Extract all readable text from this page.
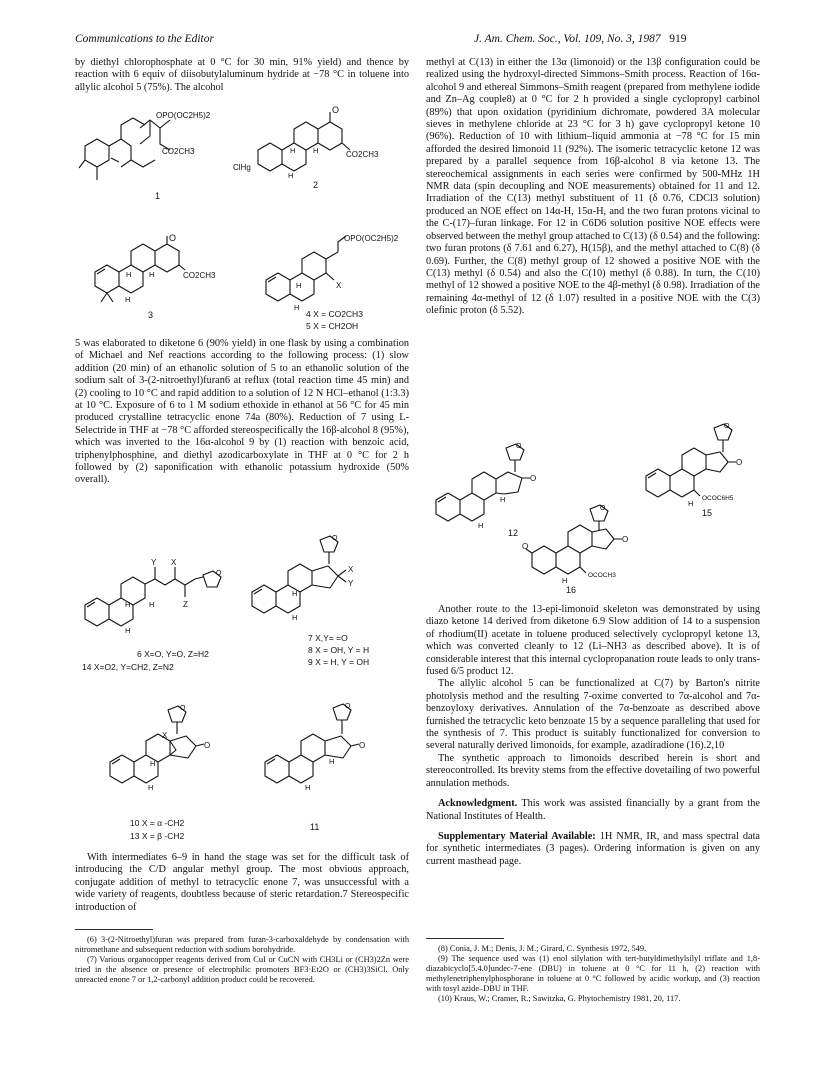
Communications to the Editor	J. Am. Chem. Soc., Vol. 109, No. 3, 1987 919

by diethyl chlorophosphate at 0 °C for 30 min, 91% yield) and thence by reaction with 6 equiv of diisobutylaluminum hydride at −78 °C in toluene into allylic alcohol 5 (75%). The alcohol

5 was elaborated to diketone 6 (90% yield) in one flask by using a combination of Michael and Nef reactions according to the following process: (1) slow addition (20 min) of an ethanolic solution of 5 to an ethanolic solution of the sodium salt of 3-(2-nitroethyl)furan6 at reflux (total reaction time 45 min) and (2) cooling to 10 °C and rapid addition to a solution of 12 N HCl–ethanol (1:3.3) at 10 °C. Exposure of 6 to 1 M sodium ethoxide in ethanol at 56 °C for 45 min produced crystalline tetracyclic enone 74a (80%). Reduction of 7 using L-Selectride in THF at −78 °C afforded stereospecifically the 16β-alcohol 8 (95%), which was inverted to the 16α-alcohol 9 by (1) reaction with benzoic acid, triphenylphosphine, and diethyl azodicarboxylate in THF at 0 °C for 2 h followed by (2) saponification with ethanolic potassium hydroxide (50% overall).

With intermediates 6–9 in hand the stage was set for the difficult task of introducing the C/D angular methyl group. The most obvious approach, conjugate addition of methyl to tetracyclic enone 7, was unsuccessful with a wide variety of reagents, doubtless because of steric retardation.7 Stereospecific introduction of

(6) 3-(2-Nitroethyl)furan was prepared from furan-3-carboxaldehyde by condensation with nitromethane and subsequent reduction with sodium borohydride.

(7) Various organocopper reagents derived from CuI or CuCN with CH3Li or (CH3)2Zn were tried in the absence or presence of electrophilic promoters BF3·Et2O or (CH3)3SiCl. Only unreacted enone 7 or 1,2-carbonyl addition product could be recovered.

methyl at C(13) in either the 13α (limonoid) or the 13β configuration could be realized using the hydroxyl-directed Simmons–Smith process. Reaction of 16α-alcohol 9 and ethereal Simmons–Smith reagent (prepared from methylene iodide and Zn–Ag couple8) at 0 °C for 2 h provided a single cyclopropyl carbinol (89%) that upon oxidation (pyridinium dichromate, powdered 3A molecular sieves in methylene chloride at 23 °C for 3 h) gave cyclopropyl ketone 10 (96%). Reduction of 10 with lithium–liquid ammonia at −78 °C for 15 min afforded the desired limonoid 11 (92%). The isomeric tetracyclic ketone 12 was prepared by a parallel sequence from 16β-alcohol 8 via ketone 13. The stereochemical assignments in each series were confirmed by 500-MHz 1H NMR data (spin decoupling and NOE measurements) obtained for 11 and 12. Irradiation of the C(13) methyl substituent of 11 (δ 0.76, CDCl3 solution) produced an NOE effect on 14α-H, 15α-H, and the two furan protons vicinal to the C-(17)–furan linkage. For 12 in C6D6 solution positive NOE effects were observed between the methyl group attached to C(13) (δ 0.54) and the following: two furan protons (δ 7.61 and 6.27), H(15β), and the methyl attached to C(8) (δ 0.69). Further, the C(8) methyl group of 12 showed a positive NOE with the C(13) methyl (δ 0.54) and also the C(10) methyl (δ 0.88). In turn, the C(10) methyl of 12 showed a positive NOE to the 4β-methyl (δ 0.98). Irradiation of the remaining 4α-methyl of 12 (δ 1.07) resulted in a positive NOE with the C(3) olefinic proton (δ 5.52).

Another route to the 13-epi-limonoid skeleton was demonstrated by using diazo ketone 14 derived from diketone 6.9 Slow addition of 14 to a suspension of rhodium(II) acetate in toluene produced selectively cyclopropyl ketone 13, which was converted cleanly to 12 (Li–NH3 as described above). It is of considerable interest that this internal cyclopropanation route leads to only trans-fused 6/5 product 12.

The allylic alcohol 5 can be functionalized at C(7) by Barton's nitrite photolysis method and the resulting 7-oxime converted to 7α-alcohol and 7α-benzoyloxy derivatives. Annulation of the 7α-benzoate as described above furnished the tetracyclic keto benzoate 15 by a sequence paralleling that used for the synthesis of 7. This product is suitably functionalized for conversion to several naturally derived limonoids, for example, azadiradione (16).2,10

The synthetic approach to limonoids described herein is short and stereocontrolled. Its brevity stems from the effective dovetailing of two powerful annulation methods.

Acknowledgment. This work was assisted financially by a grant from the National Institutes of Health.

Supplementary Material Available: 1H NMR, IR, and mass spectral data for synthetic intermediates (3 pages). Ordering information is given on any current masthead page.

(8) Conia, J. M.; Denis, J. M.; Girard, C. Synthesis 1972, 549.

(9) The sequence used was (1) enol silylation with tert-butyldimethylsilyl triflate and 1,8-diazabicyclo[5.4.0]undec-7-ene (DBU) in toluene at 0 °C for 11 h, (2) reaction with methylenetriphenylphosphorane in toluene at 0 °C followed by acidic workup, and (3) reaction with tosyl azide–DBU in THF.

(10) Kraus, W.; Cramer, R.; Sawitzka, G. Phytochemistry 1981, 20, 117.

OPO(OC2H5)2
CO2CH3
1
O
CO2CH3
ClHg
H H
H
2
O
CO2CH3
H H
H
3
OPO(OC2H5)2
X
H
H
4 X = CO2CH3
5 X = CH2OH
O
O
H
H
12
O
O
OCOC6H5
H
15
O
O
O
OCOCH3
H
16
Y X
Z
O
H H
H
6 X=O, Y=O, Z=H2
14 X=O2, Y=CH2, Z=N2
O
X
Y
H
H
7 X,Y= =O
8 X = OH, Y = H
9 X = H, Y = OH
O
X
O
H
H
10 X = α -CH2
13 X = β -CH2
O
O
H
H
11
